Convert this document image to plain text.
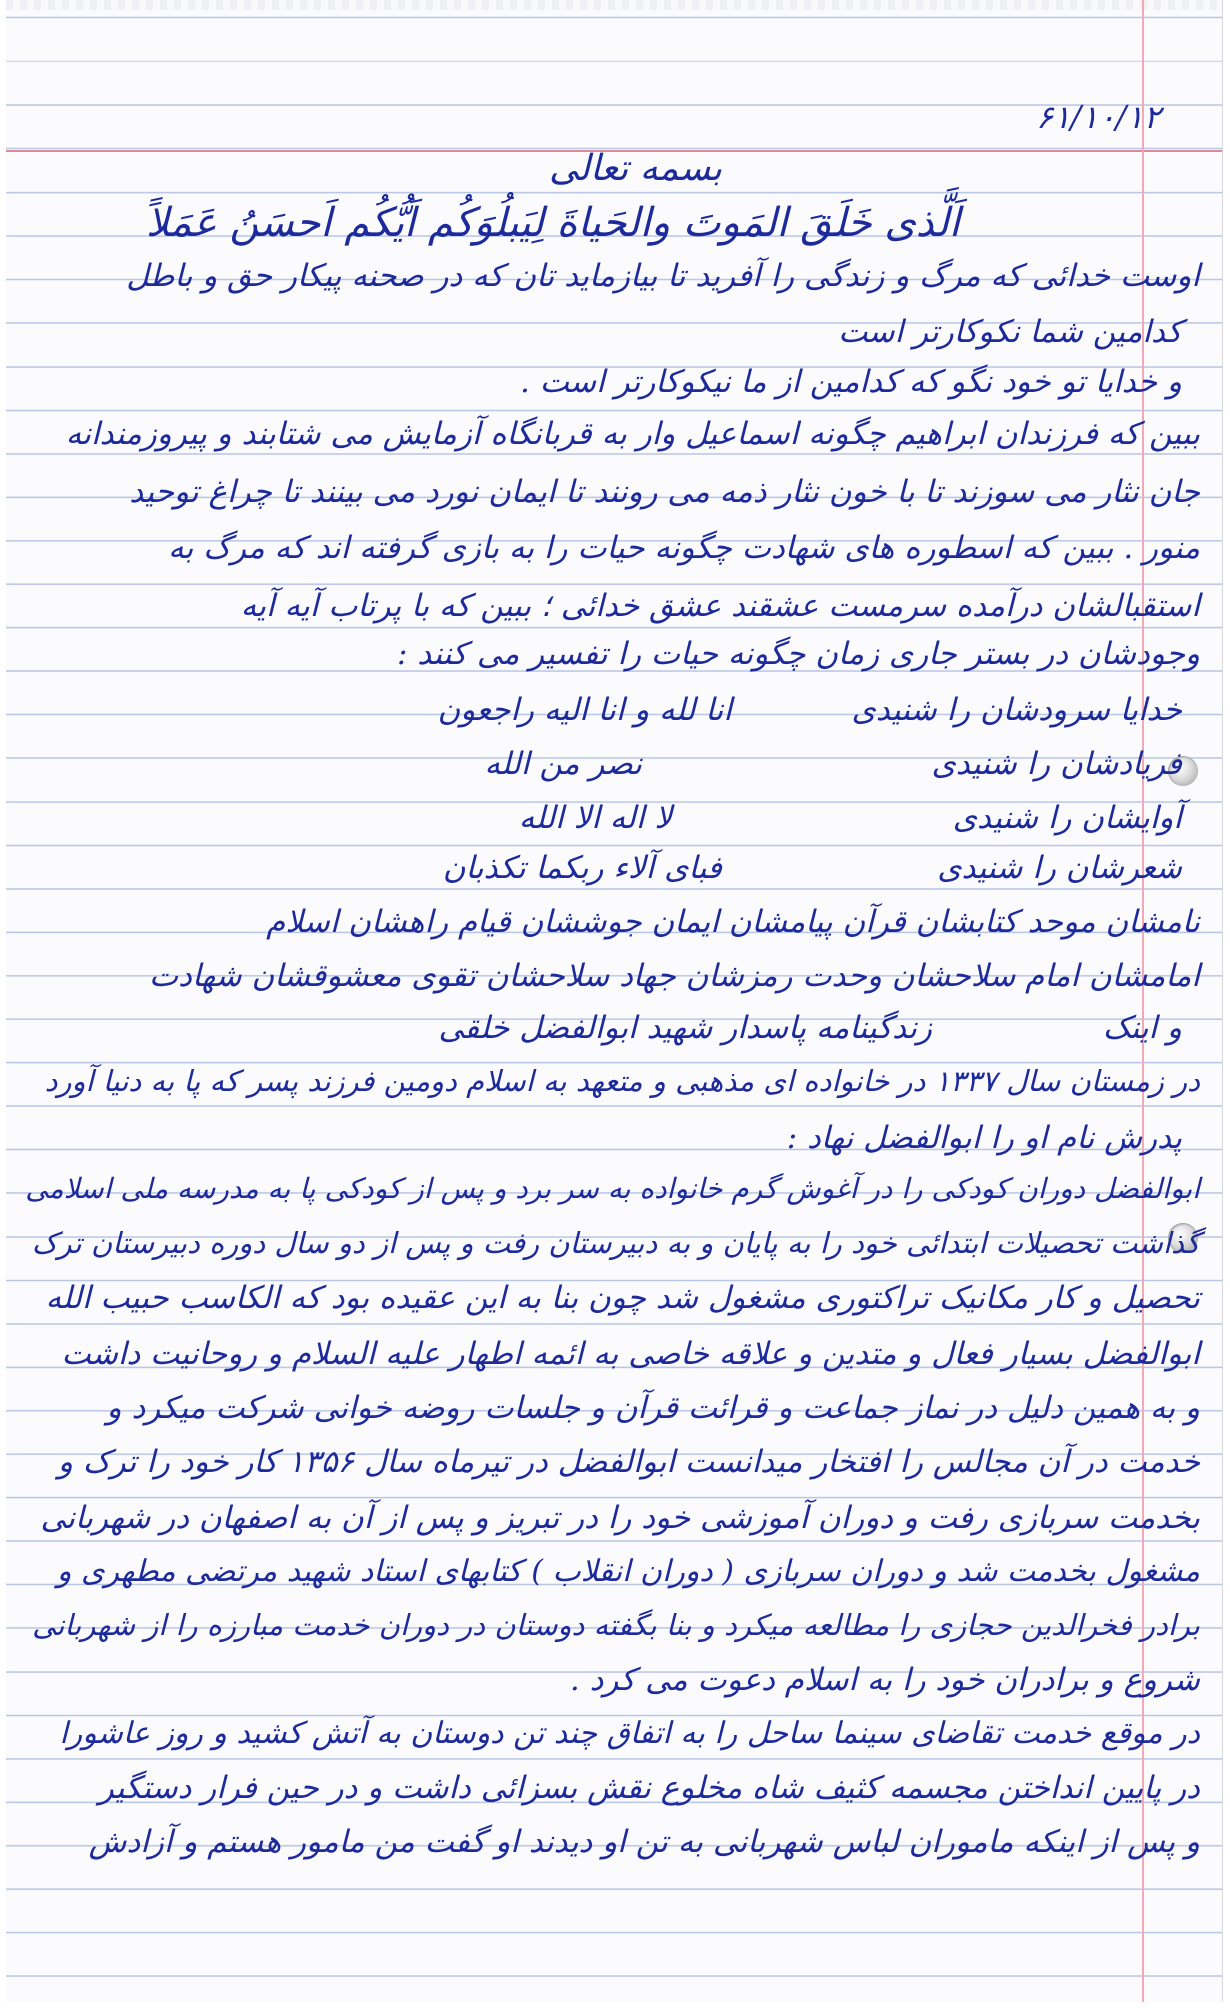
۶۱/۱۰/۱۲
بسمه تعالی
اَلَّذی خَلَقَ المَوتَ والحَیاةَ لِیَبلُوَکُم اَیُّکُم اَحسَنُ عَمَلاً
اوست خدائی که مرگ و زندگی را آفرید تا بیازماید تان که در صحنه پیکار حق و باطل
کدامین شما نکوکارتر است
و خدایا تو خود نگو که کدامین از ما نیکوکارتر است .
ببین که فرزندان ابراهیم چگونه اسماعیل وار به قربانگاه آزمایش می شتابند و پیروزمندانه
جان نثار می سوزند تا با خون نثار ذمه می رونند تا ایمان نورد می بینند تا چراغ توحید
منور . ببین که اسطوره های شهادت چگونه حیات را به بازی گرفته اند که مرگ به
استقبالشان درآمده سرمست عشقند عشق خدائی ؛ ببین که با پرتاب آیه آیه
وجودشان در بستر جاری زمان چگونه حیات را تفسیر می کنند :
خدایا سرودشان را شنیدی
انا لله و انا الیه راجعون
فریادشان را شنیدی
نصر من الله
آوایشان را شنیدی
لا اله الا الله
شعرشان را شنیدی
فبای آلاء ربکما تکذبان
نامشان موحد کتابشان قرآن پیامشان ایمان جوششان قیام راهشان اسلام
امامشان امام سلاحشان وحدت رمزشان جهاد سلاحشان تقوی معشوقشان شهادت
و اینک
زندگینامه پاسدار شهید ابوالفضل خلقی
در زمستان سال ۱۳۳۷ در خانواده ای مذهبی و متعهد به اسلام دومین فرزند پسر که پا به دنیا آورد
پدرش نام او را ابوالفضل نهاد :
ابوالفضل دوران کودکی را در آغوش گرم خانواده به سر برد و پس از کودکی پا به مدرسه ملی اسلامی
گذاشت تحصیلات ابتدائی خود را به پایان و به دبیرستان رفت و پس از دو سال دوره دبیرستان ترک
تحصیل و کار مکانیک تراکتوری مشغول شد چون بنا به این عقیده بود که الکاسب حبیب الله
ابوالفضل بسیار فعال و متدین و علاقه خاصی به ائمه اطهار علیه السلام و روحانیت داشت
و به همین دلیل در نماز جماعت و قرائت قرآن و جلسات روضه خوانی شرکت میکرد و
خدمت در آن مجالس را افتخار میدانست ابوالفضل در تیرماه سال ۱۳۵۶ کار خود را ترک و
بخدمت سربازی رفت و دوران آموزشی خود را در تبریز و پس از آن به اصفهان در شهربانی
مشغول بخدمت شد و دوران سربازی ( دوران انقلاب ) کتابهای استاد شهید مرتضی مطهری و
برادر فخرالدین حجازی را مطالعه میکرد و بنا بگفته دوستان در دوران خدمت مبارزه را از شهربانی
شروع و برادران خود را به اسلام دعوت می کرد .
در موقع خدمت تقاضای سینما ساحل را به اتفاق چند تن دوستان به آتش کشید و روز عاشورا
در پایین انداختن مجسمه کثیف شاه مخلوع نقش بسزائی داشت و در حین فرار دستگیر
و پس از اینکه ماموران لباس شهربانی به تن او دیدند او گفت من مامور هستم و آزادش
